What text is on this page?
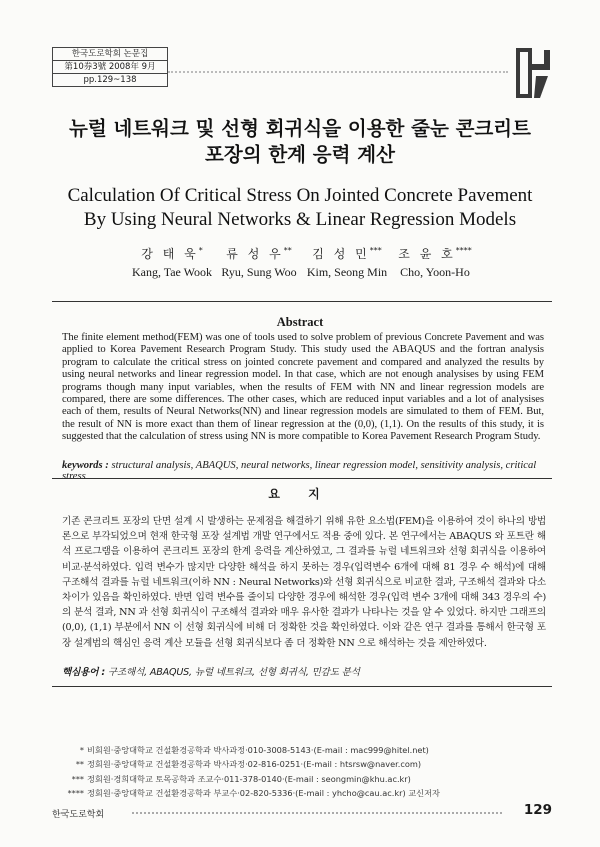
한국도로학회 논문집
第10券3號 2008年 9月
pp.129~138
뉴럴 네트워크 및 선형 회귀식을 이용한 줄눈 콘크리트
포장의 한계 응력 계산
Calculation Of Critical Stress On Jointed Concrete Pavement
By Using Neural Networks & Linear Regression Models
강 태 욱*
Kang, Tae Wook
류 성 우**
Ryu, Sung Woo
김 성 민***
Kim, Seong Min
조 윤 호****
Cho, Yoon-Ho
Abstract
The finite element method(FEM) was one of tools used to solve problem of previous Concrete Pavement and was applied to Korea Pavement Research Program Study. This study used the ABAQUS and the fortran analysis program to calculate the critical stress on jointed concrete pavement and compared and analyzed the results by using neural networks and linear regression model. In that case, which are not enough analysises by using FEM programs though many input variables, when the results of FEM with NN and linear regression models are compared, there are some differences. The other cases, which are reduced input variables and a lot of analysises each of them, results of Neural Networks(NN) and linear regression models are simulated to them of FEM. But, the result of NN is more exact than them of linear regression at the (0,0), (1,1). On the results of this study, it is suggested that the calculation of stress using NN is more compatible to Korea Pavement Research Program Study.
keywords : structural analysis, ABAQUS, neural networks, linear regression model, sensitivity analysis, critical stress
요 지
기존 콘크리트 포장의 단면 설계 시 발생하는 문제점을 해결하기 위해 유한 요소법(FEM)을 이용하여 것이 하나의 방법론으로 부각되었으며 현재 한국형 포장 설계법 개발 연구에서도 적용 중에 있다. 본 연구에서는 ABAQUS 와 포트란 해석 프로그램을 이용하여 콘크리트 포장의 한계 응력을 계산하였고, 그 결과를 뉴럴 네트워크와 선형 회귀식을 이용하여 비교·분석하였다. 입력 변수가 많지만 다양한 해석을 하지 못하는 경우(입력변수 6개에 대해 81 경우 수 해석)에 대해 구조해석 결과를 뉴럴 네트워크(이하 NN : Neural Networks)와 선형 회귀식으로 비교한 결과, 구조해석 결과와 다소 차이가 있음을 확인하였다. 반면 입력 변수를 줄이되 다양한 경우에 해석한 경우(입력 변수 3개에 대해 343 경우의 수)의 분석 결과, NN 과 선형 회귀식이 구조해석 결과와 매우 유사한 결과가 나타나는 것을 알 수 있었다. 하지만 그래프의 (0,0), (1,1) 부분에서 NN 이 선형 회귀식에 비해 더 정확한 것을 확인하였다. 이와 같은 연구 결과를 통해서 한국형 포장 설계법의 핵심인 응력 계산 모듈을 선형 회귀식보다 좀 더 정확한 NN 으로 해석하는 것을 제안하였다.
핵심용어 : 구조해석, ABAQUS, 뉴럴 네트워크, 선형 회귀식, 민감도 분석
* 비회원·중앙대학교 건설환경공학과 박사과정·010-3008-5143·(E-mail : mac999@hitel.net)
** 정회원·중앙대학교 건설환경공학과 박사과정·02-816-0251·(E-mail : htsrsw@naver.com)
*** 정회원·경희대학교 토목공학과 조교수·011-378-0140·(E-mail : seongmin@khu.ac.kr)
**** 정회원·중앙대학교 건설환경공학과 부교수·02-820-5336·(E-mail : yhcho@cau.ac.kr) 교신저자
한국도로학회	129
